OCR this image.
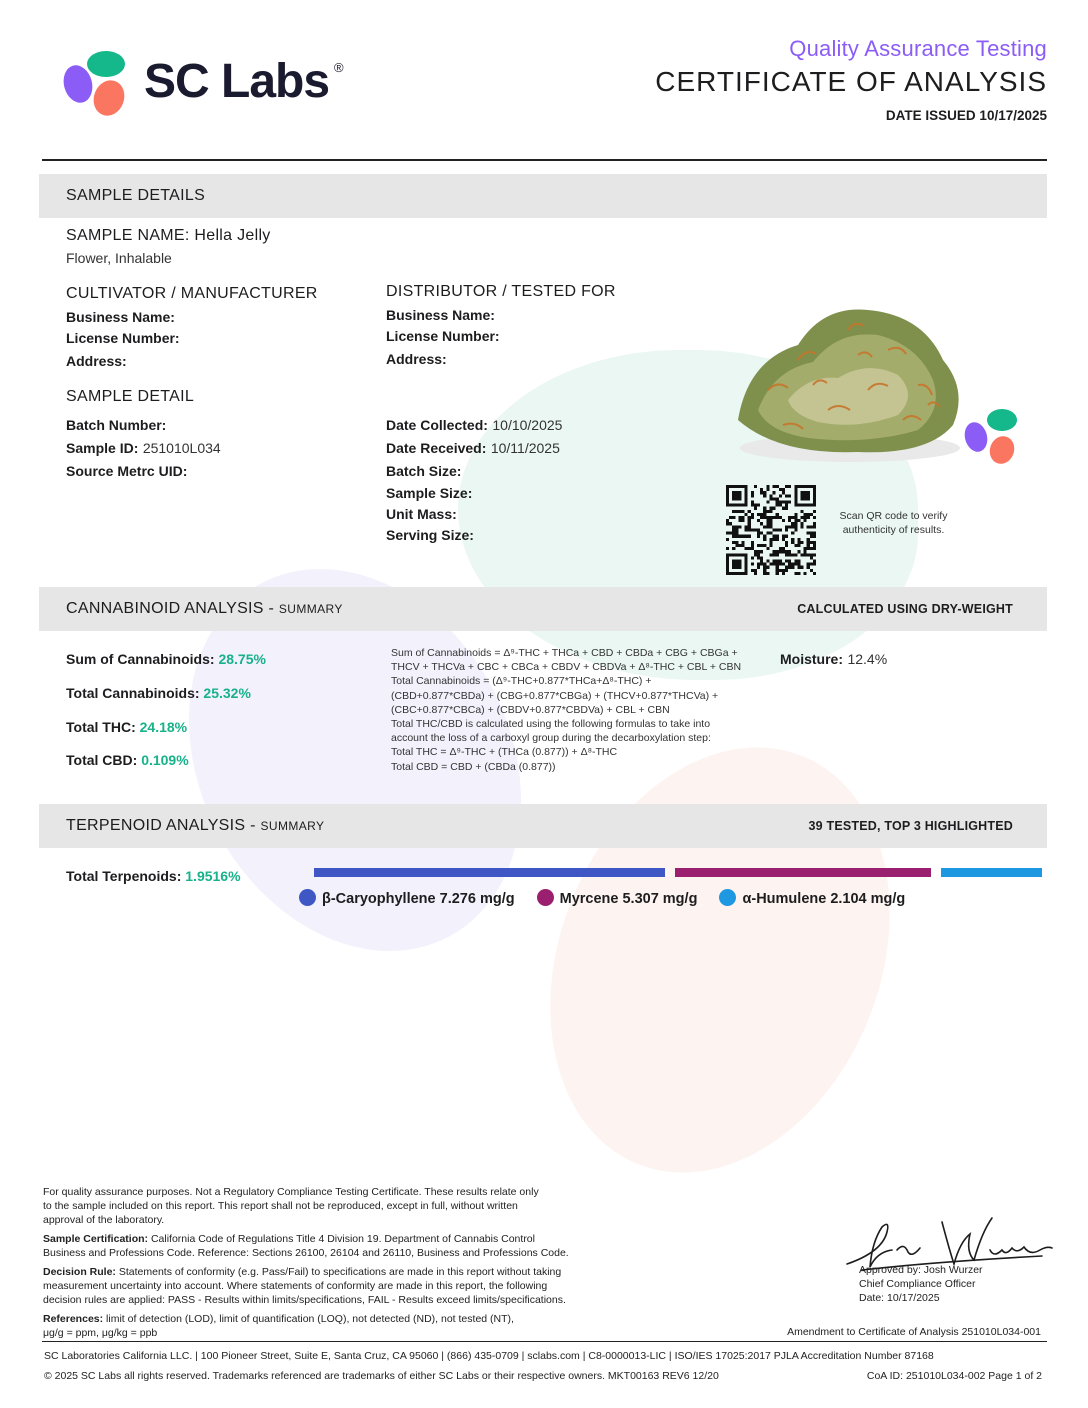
SC Labs ®
Quality Assurance Testing
CERTIFICATE OF ANALYSIS
DATE ISSUED 10/17/2025
SAMPLE DETAILS
SAMPLE NAME: Hella Jelly
Flower, Inhalable
CULTIVATOR / MANUFACTURER
Business Name:
License Number:
Address:
DISTRIBUTOR / TESTED FOR
Business Name:
License Number:
Address:
SAMPLE DETAIL
Batch Number:
Sample ID: 251010L034
Source Metrc UID:
Date Collected: 10/10/2025
Date Received: 10/11/2025
Batch Size:
Sample Size:
Unit Mass:
Serving Size:
Scan QR code to verify
authenticity of results.
CANNABINOID ANALYSIS - SUMMARY	CALCULATED USING DRY-WEIGHT
Sum of Cannabinoids: 28.75%
Total Cannabinoids: 25.32%
Total THC: 24.18%
Total CBD: 0.109%
Sum of Cannabinoids = Δ⁹-THC + THCa + CBD + CBDa + CBG + CBGa +
THCV + THCVa + CBC + CBCa + CBDV + CBDVa + Δ⁸-THC + CBL + CBN
Total Cannabinoids = (Δ⁹-THC+0.877*THCa+Δ⁸-THC) +
(CBD+0.877*CBDa) + (CBG+0.877*CBGa) + (THCV+0.877*THCVa) +
(CBC+0.877*CBCa) + (CBDV+0.877*CBDVa) + CBL + CBN
Total THC/CBD is calculated using the following formulas to take into
account the loss of a carboxyl group during the decarboxylation step:
Total THC = Δ⁹-THC + (THCa (0.877)) + Δ⁸-THC
Total CBD = CBD + (CBDa (0.877))
Moisture: 12.4%
TERPENOID ANALYSIS - SUMMARY	39 TESTED, TOP 3 HIGHLIGHTED
Total Terpenoids: 1.9516%
β-Caryophyllene 7.276 mg/g	Myrcene 5.307 mg/g	α-Humulene 2.104 mg/g
For quality assurance purposes. Not a Regulatory Compliance Testing Certificate. These results relate only
to the sample included on this report. This report shall not be reproduced, except in full, without written
approval of the laboratory.
Sample Certification: California Code of Regulations Title 4 Division 19. Department of Cannabis Control
Business and Professions Code. Reference: Sections 26100, 26104 and 26110, Business and Professions Code.
Decision Rule: Statements of conformity (e.g. Pass/Fail) to specifications are made in this report without taking
measurement uncertainty into account. Where statements of conformity are made in this report, the following
decision rules are applied: PASS - Results within limits/specifications, FAIL - Results exceed limits/specifications.
References: limit of detection (LOD), limit of quantification (LOQ), not detected (ND), not tested (NT),
μg/g = ppm, μg/kg = ppb
Approved by: Josh Wurzer
Chief Compliance Officer
Date: 10/17/2025
Amendment to Certificate of Analysis 251010L034-001
SC Laboratories California LLC. | 100 Pioneer Street, Suite E, Santa Cruz, CA 95060 | (866) 435-0709 | sclabs.com | C8-0000013-LIC | ISO/IES 17025:2017 PJLA Accreditation Number 87168
© 2025 SC Labs all rights reserved. Trademarks referenced are trademarks of either SC Labs or their respective owners. MKT00163 REV6 12/20	CoA ID: 251010L034-002 Page 1 of 2
